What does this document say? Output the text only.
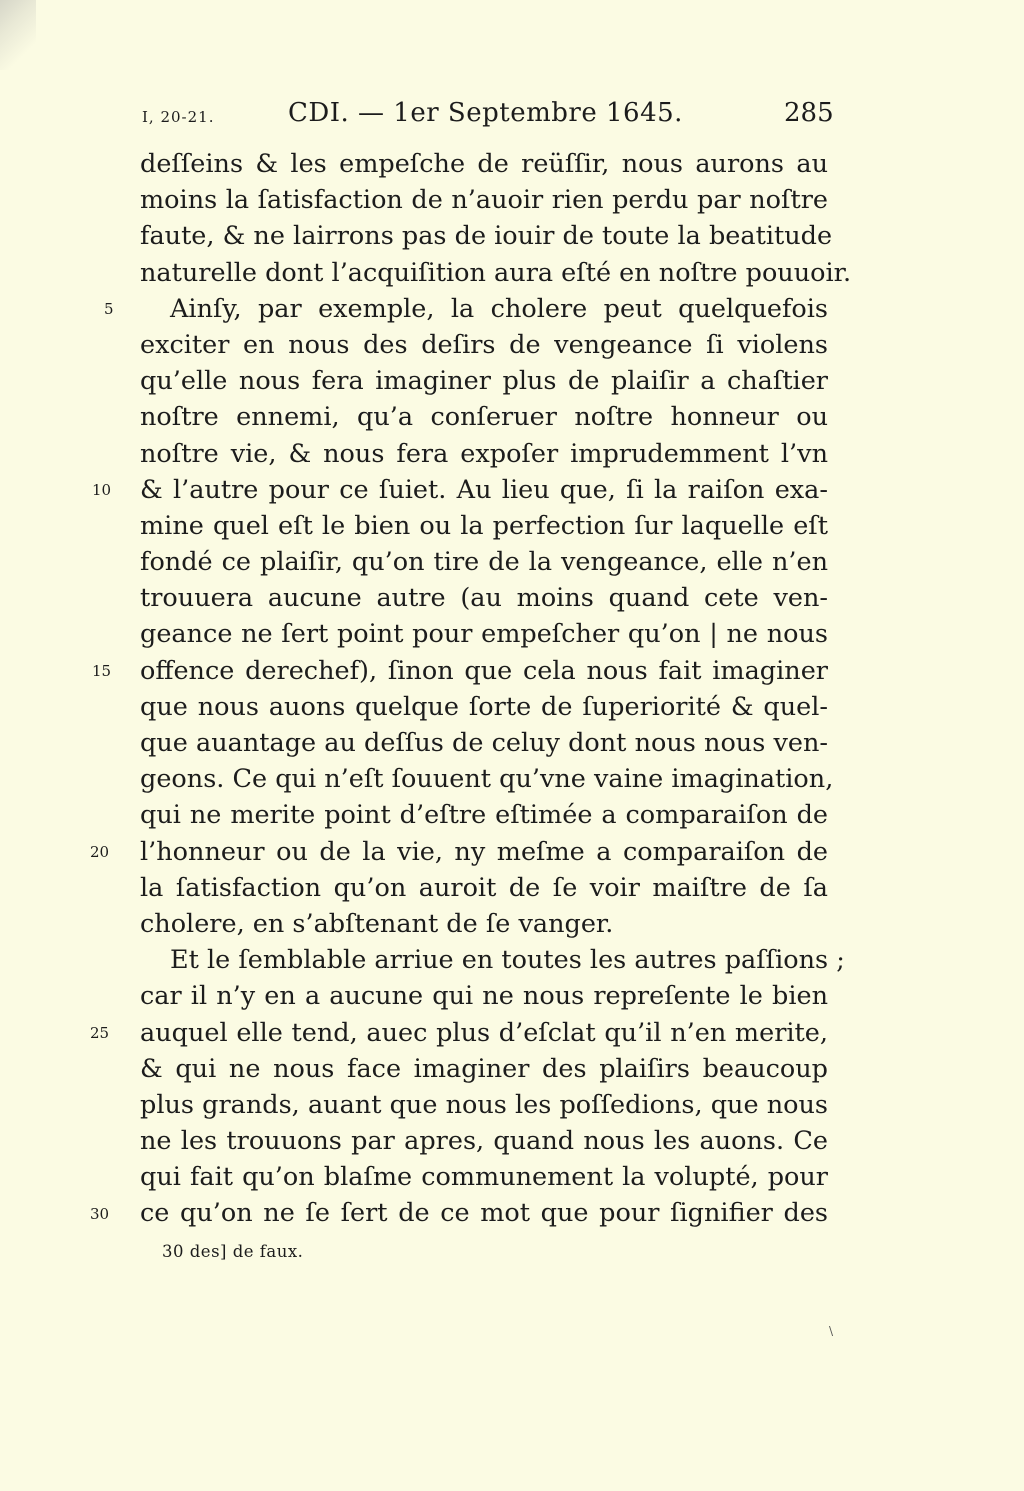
I, 20-21.	CDI. — 1er Septembre 1645.	285
5
10
15
20
25
30
deſſeins & les empeſche de reüſſir, nous aurons au
moins la ſatisfaction de n’auoir rien perdu par noſtre
faute, & ne lairrons pas de iouir de toute la beatitude
naturelle dont l’acquiſition aura eſté en noſtre pouuoir.
Ainſy, par exemple, la cholere peut quelquefois
exciter en nous des deſirs de vengeance ſi violens
qu’elle nous fera imaginer plus de plaiſir a chaſtier
noſtre ennemi, qu’a conſeruer noſtre honneur ou
noſtre vie, & nous fera expoſer imprudemment l’vn
& l’autre pour ce ſuiet. Au lieu que, ſi la raiſon exa-
mine quel eſt le bien ou la perfection ſur laquelle eſt
fondé ce plaiſir, qu’on tire de la vengeance, elle n’en
trouuera aucune autre (au moins quand cete ven-
geance ne ſert point pour empeſcher qu’on | ne nous
offence derechef), ſinon que cela nous fait imaginer
que nous auons quelque ſorte de ſuperiorité & quel-
que auantage au deſſus de celuy dont nous nous ven-
geons. Ce qui n’eſt ſouuent qu’vne vaine imagination,
qui ne merite point d’eſtre eſtimée a comparaiſon de
l’honneur ou de la vie, ny meſme a comparaiſon de
la ſatisfaction qu’on auroit de ſe voir maiſtre de ſa
cholere, en s’abſtenant de ſe vanger.
Et le ſemblable arriue en toutes les autres paſſions ;
car il n’y en a aucune qui ne nous repreſente le bien
auquel elle tend, auec plus d’eſclat qu’il n’en merite,
& qui ne nous face imaginer des plaiſirs beaucoup
plus grands, auant que nous les poſſedions, que nous
ne les trouuons par apres, quand nous les auons. Ce
qui fait qu’on blaſme communement la volupté, pour
ce qu’on ne ſe ſert de ce mot que pour ſignifier des
30 des] de faux.
\
